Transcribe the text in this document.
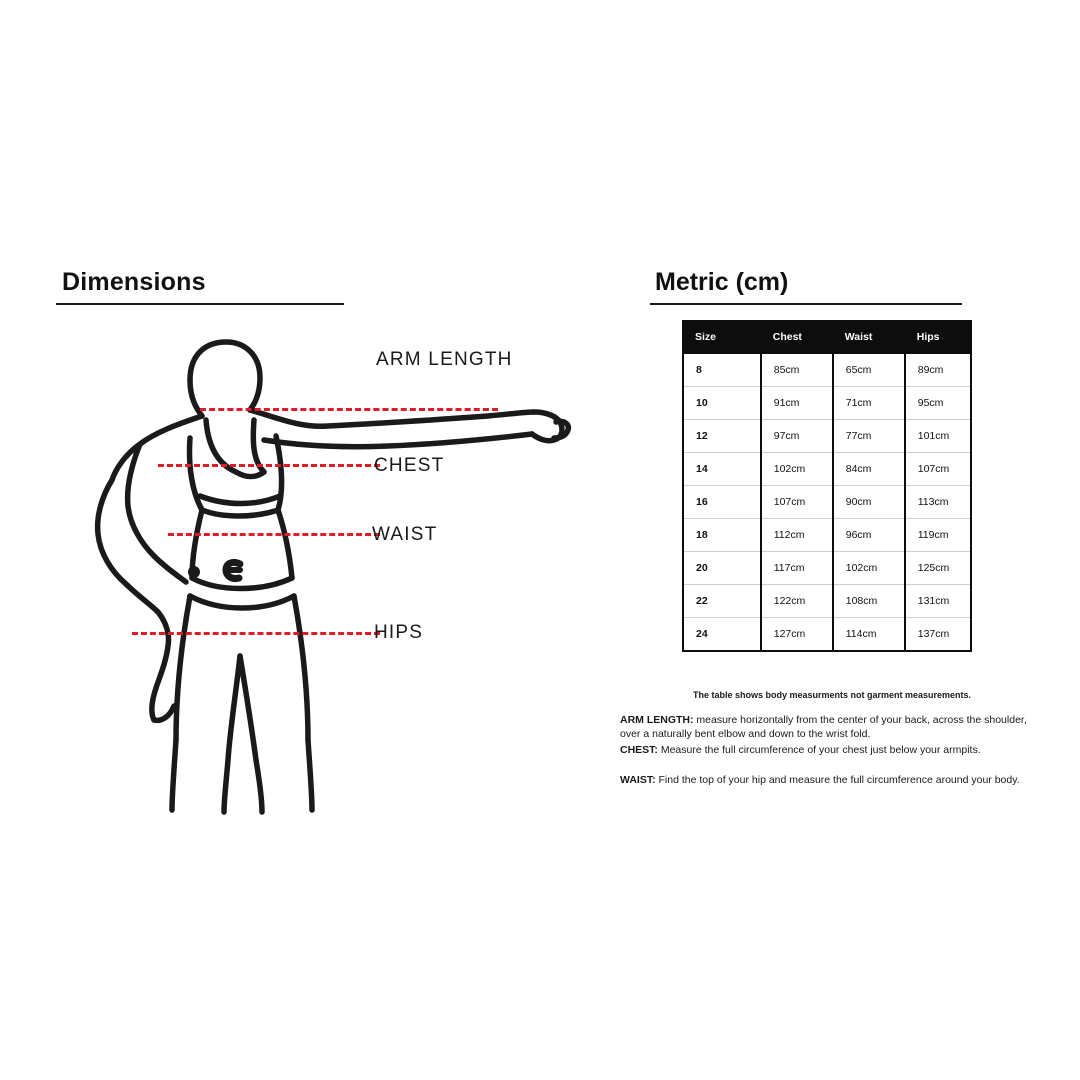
Dimensions
ARM LENGTH
CHEST
WAIST
HIPS
Metric (cm)
Size	Chest	Waist	Hips
8	85cm	65cm	89cm
10	91cm	71cm	95cm
12	97cm	77cm	101cm
14	102cm	84cm	107cm
16	107cm	90cm	113cm
18	112cm	96cm	119cm
20	117cm	102cm	125cm
22	122cm	108cm	131cm
24	127cm	114cm	137cm
The table shows body measurments not garment measurements.
ARM LENGTH: measure horizontally from the center of your back, across the shoulder, over a naturally bent elbow and down to the wrist fold.
CHEST: Measure the full circumference of your chest just below your armpits.
WAIST: Find the top of your hip and measure the full circumference around your body.
